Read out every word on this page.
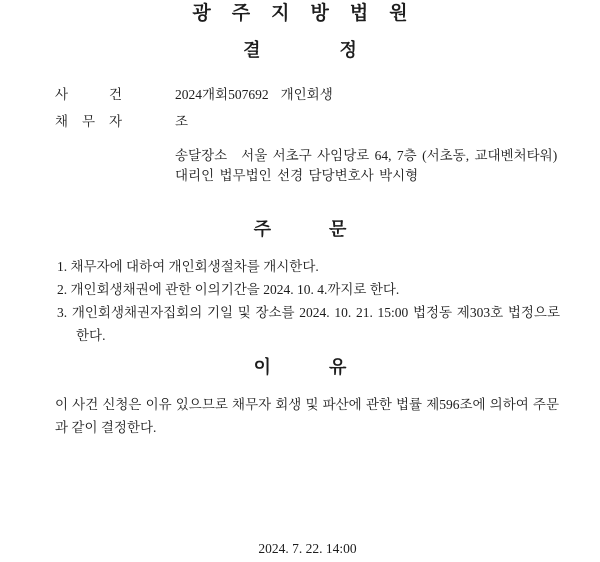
광 주 지 방 법 원
결	정
사	건	2024개회507692 개인회생
채 무 자	조
송달장소 서울 서초구 사임당로 64, 7층 (서초동, 교대벤처타워)
대리인 법무법인 선경 담당변호사 박시형
주	문
1. 채무자에 대하여 개인회생절차를 개시한다.
2. 개인회생채권에 관한 이의기간을 2024. 10. 4.까지로 한다.
3. 개인회생채권자집회의 기일 및 장소를 2024. 10. 21. 15:00 법정동 제303호 법정으로 한다.
이	유
이 사건 신청은 이유 있으므로 채무자 회생 및 파산에 관한 법률 제596조에 의하여 주문과 같이 결정한다.
2024. 7. 22. 14:00
